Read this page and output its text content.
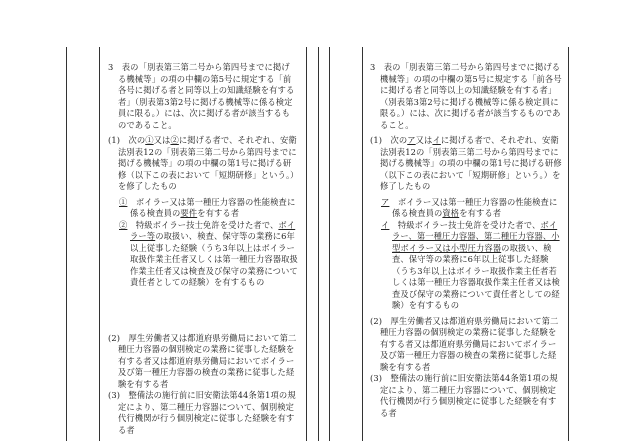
3　表の「別表第三第二号から第四号までに掲げる機械等」の項の中欄の第5号に規定する「前各号に掲げる者と同等以上の知識経験を有する者」（別表第3第2号に掲げる機械等に係る検定員に限る。）には、次に掲げる者が該当するものであること。

(1)　次の①又は②に掲げる者で、それぞれ、安衛法別表12の「別表第三第二号から第四号までに掲げる機械等」の項の中欄の第1号に掲げる研修（以下この表において「短期研修」という。）を修了したもの

①　 ボイラー又は第一種圧力容器の性能検査に係る検査員の要件を有する者

②　 特級ボイラー技士免許を受けた者で、ボイラー等の取扱い、検査、保守等の業務に6年以上従事した経験（うち3年以上はボイラー取扱作業主任者又しくは第一種圧力容器取扱作業主任者又は検査及び保守の業務について責任者としての経験）を有するもの

(2)　厚生労働者又は都道府県労働局において第二種圧力容器の個別検定の業務に従事した経験を有する者又は都道府県労働局においてボイラー及び第一種圧力容器の検査の業務に従事した経験を有する者

(3)　整備法の施行前に旧安衛法第44条第1項の規定により、第二種圧力容器について、個別検定代行機関が行う個別検定に従事した経験を有する者

3　表の「別表第三第二号から第四号までに掲げる機械等」の項の中欄の第5号に規定する「前各号に掲げる者と同等以上の知識経験を有する者」（別表第3第2号に掲げる機械等に係る検定員に限る。）には、次に掲げる者が該当するものであること。

(1)　次のア又はイに掲げる者で、それぞれ、安衛法別表12の「別表第三第二号から第四号までに掲げる機械等」の項の中欄の第1号に掲げる研修（以下この表において「短期研修」という。）を修了したもの

ア　 ボイラー又は第一種圧力容器の性能検査に係る検査員の資格を有する者

イ　 特級ボイラー技士免許を受けた者で、ボイラー、第一種圧力容器、第二種圧力容器、小型ボイラー又は小型圧力容器の取扱い、検査、保守等の業務に6年以上従事した経験（うち3年以上はボイラー取扱作業主任者若しくは第一種圧力容器取扱作業主任者又は検査及び保守の業務について責任者としての経験）を有するもの

(2)　厚生労働者又は都道府県労働局において第二種圧力容器の個別検定の業務に従事した経験を有する者又は都道府県労働局においてボイラー及び第一種圧力容器の検査の業務に従事した経験を有する者

(3)　整備法の施行前に旧安衛法第44条第1項の規定により、第二種圧力容器について、個別検定代行機関が行う個別検定に従事した経験を有する者
